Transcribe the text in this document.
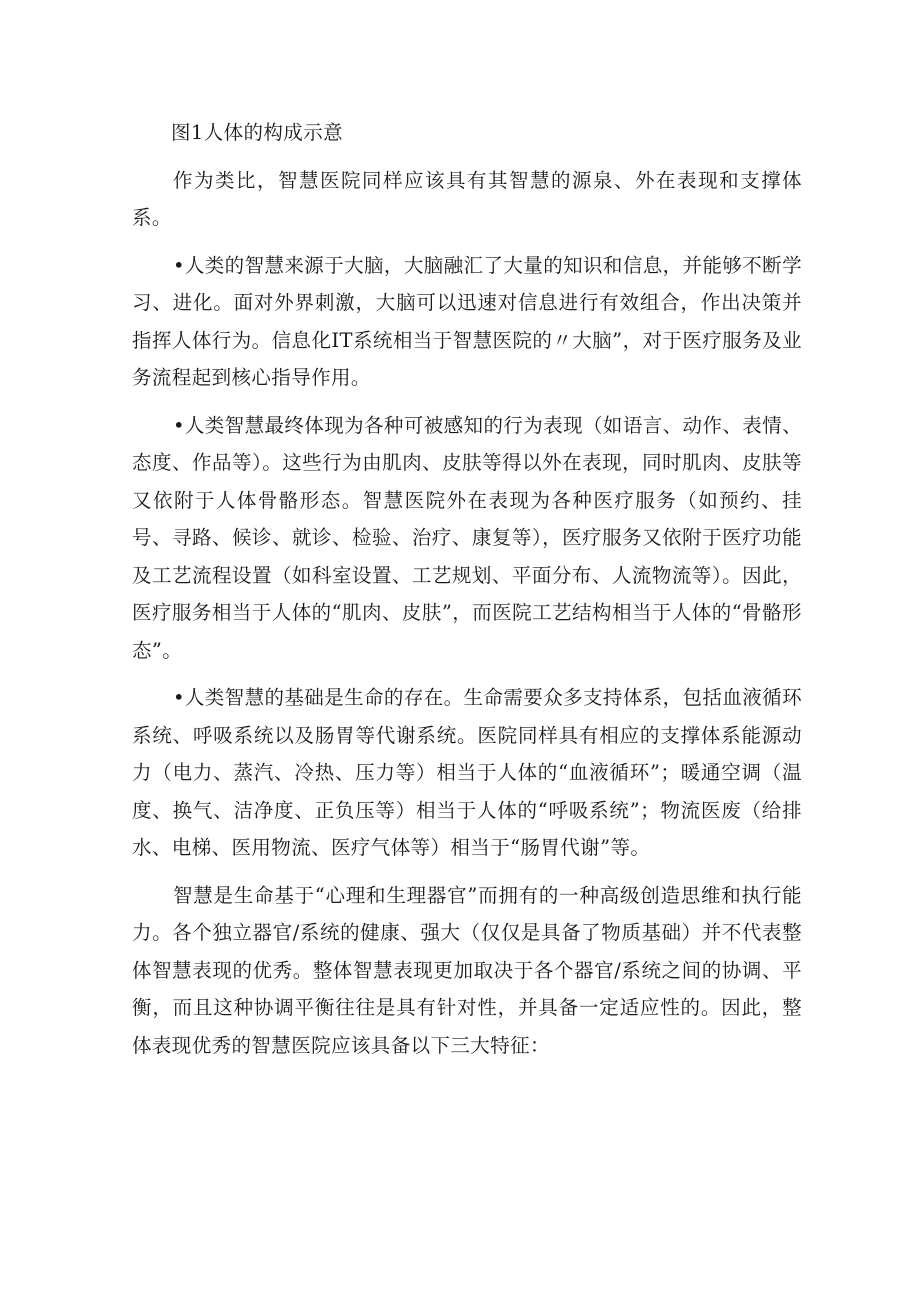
图1人体的构成示意

作为类比，智慧医院同样应该具有其智慧的源泉、外在表现和支撑体系。

•人类的智慧来源于大脑，大脑融汇了大量的知识和信息，并能够不断学习、进化。面对外界刺激，大脑可以迅速对信息进行有效组合，作出决策并指挥人体行为。信息化IT系统相当于智慧医院的〃大脑”，对于医疗服务及业务流程起到核心指导作用。

•人类智慧最终体现为各种可被感知的行为表现（如语言、动作、表情、态度、作品等）。这些行为由肌肉、皮肤等得以外在表现，同时肌肉、皮肤等又依附于人体骨骼形态。智慧医院外在表现为各种医疗服务（如预约、挂号、寻路、候诊、就诊、检验、治疗、康复等），医疗服务又依附于医疗功能及工艺流程设置（如科室设置、工艺规划、平面分布、人流物流等）。因此，医疗服务相当于人体的“肌肉、皮肤”，而医院工艺结构相当于人体的“骨骼形态”。

•人类智慧的基础是生命的存在。生命需要众多支持体系，包括血液循环系统、呼吸系统以及肠胃等代谢系统。医院同样具有相应的支撑体系能源动力（电力、蒸汽、冷热、压力等）相当于人体的“血液循环”；暖通空调（温度、换气、洁净度、正负压等）相当于人体的“呼吸系统”；物流医废（给排水、电梯、医用物流、医疗气体等）相当于“肠胃代谢”等。

智慧是生命基于“心理和生理器官”而拥有的一种高级创造思维和执行能力。各个独立器官/系统的健康、强大（仅仅是具备了物质基础）并不代表整体智慧表现的优秀。整体智慧表现更加取决于各个器官/系统之间的协调、平衡，而且这种协调平衡往往是具有针对性，并具备一定适应性的。因此，整体表现优秀的智慧医院应该具备以下三大特征：
